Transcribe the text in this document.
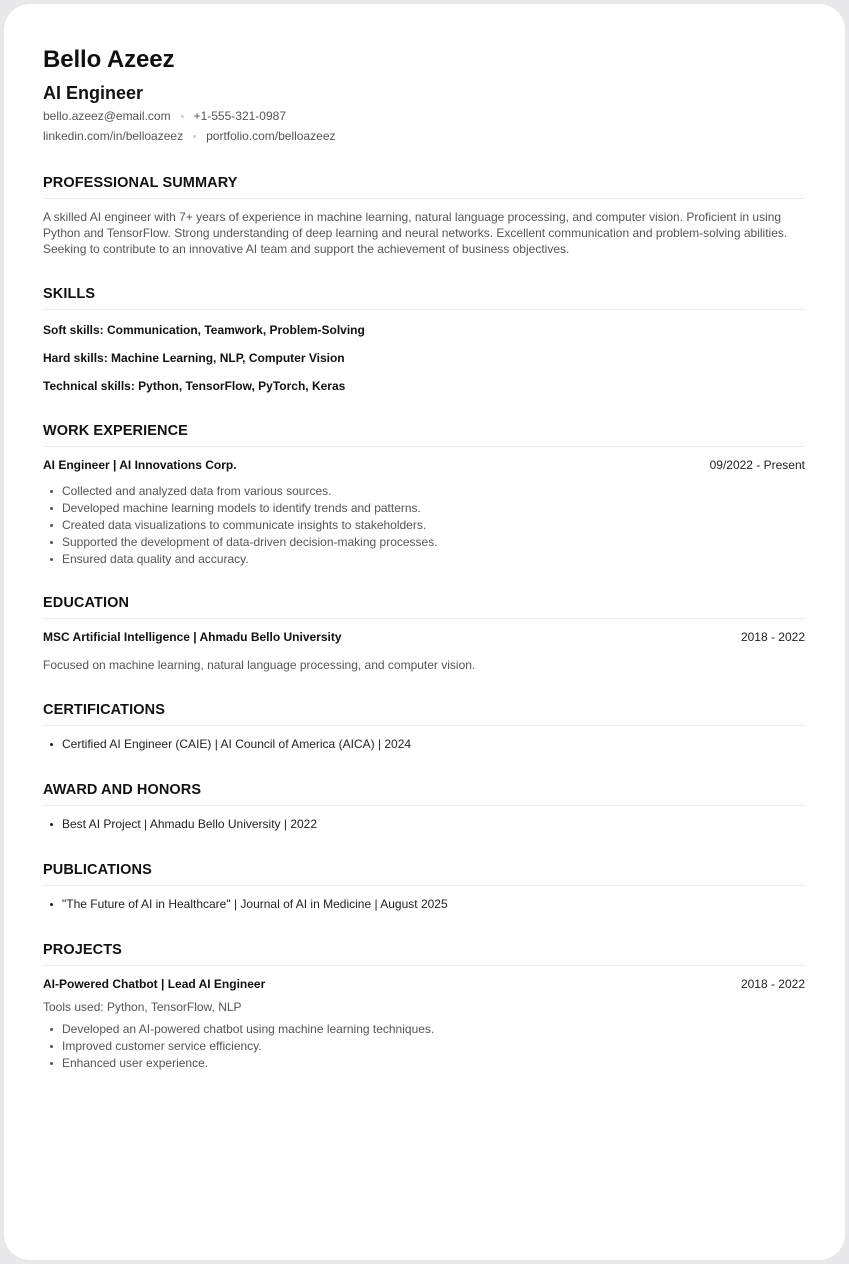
Bello Azeez
AI Engineer
bello.azeez@email.com +1-555-321-0987
linkedin.com/in/belloazeez portfolio.com/belloazeez
PROFESSIONAL SUMMARY

A skilled AI engineer with 7+ years of experience in machine learning, natural language processing, and computer vision. Proficient in using Python and TensorFlow. Strong understanding of deep learning and neural networks. Excellent communication and problem-solving abilities. Seeking to contribute to an innovative AI team and support the achievement of business objectives.

SKILLS
Soft skills: Communication, Teamwork, Problem-Solving
Hard skills: Machine Learning, NLP, Computer Vision
Technical skills: Python, TensorFlow, PyTorch, Keras
WORK EXPERIENCE
AI Engineer | AI Innovations Corp.	09/2022 - Present
Collected and analyzed data from various sources.
Developed machine learning models to identify trends and patterns.
Created data visualizations to communicate insights to stakeholders.
Supported the development of data-driven decision-making processes.
Ensured data quality and accuracy.
EDUCATION
MSC Artificial Intelligence | Ahmadu Bello University	2018 - 2022
Focused on machine learning, natural language processing, and computer vision.
CERTIFICATIONS
Certified AI Engineer (CAIE) | AI Council of America (AICA) | 2024
AWARD AND HONORS
Best AI Project | Ahmadu Bello University | 2022
PUBLICATIONS
"The Future of AI in Healthcare" | Journal of AI in Medicine | August 2025
PROJECTS
AI-Powered Chatbot | Lead AI Engineer	2018 - 2022
Tools used: Python, TensorFlow, NLP
Developed an AI-powered chatbot using machine learning techniques.
Improved customer service efficiency.
Enhanced user experience.
